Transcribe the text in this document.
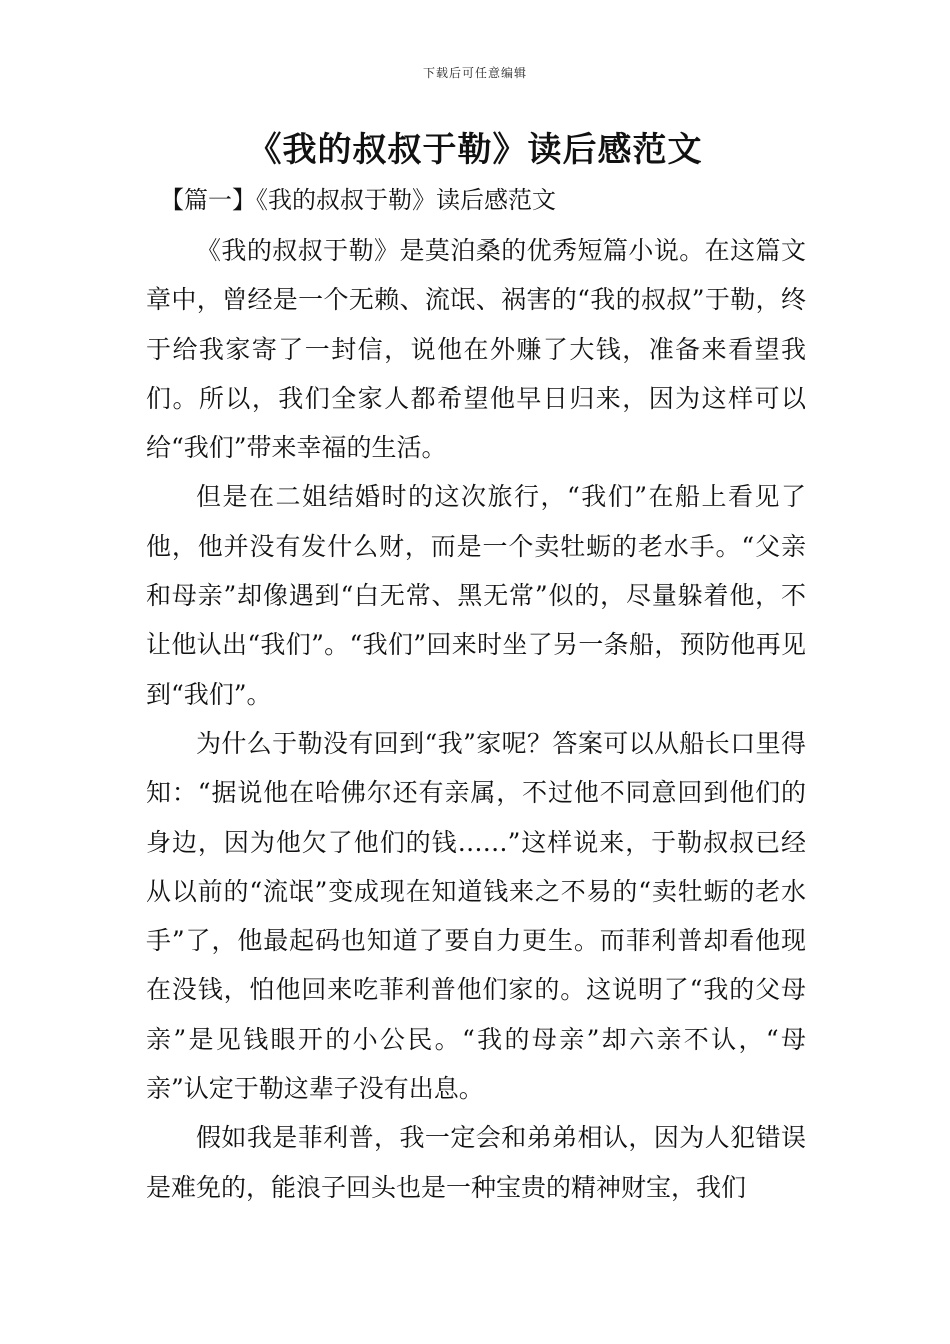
下载后可任意编辑
《我的叔叔于勒》读后感范文
【篇一】《我的叔叔于勒》读后感范文

《我的叔叔于勒》是莫泊桑的优秀短篇小说。在这篇文章中，曾经是一个无赖、流氓、祸害的“我的叔叔”于勒，终于给我家寄了一封信，说他在外赚了大钱，准备来看望我们。所以，我们全家人都希望他早日归来，因为这样可以给“我们”带来幸福的生活。

但是在二姐结婚时的这次旅行，“我们”在船上看见了他，他并没有发什么财，而是一个卖牡蛎的老水手。“父亲和母亲”却像遇到“白无常、黑无常”似的，尽量躲着他，不让他认出“我们”。“我们”回来时坐了另一条船，预防他再见到“我们”。

为什么于勒没有回到“我”家呢？答案可以从船长口里得知：“据说他在哈佛尔还有亲属，不过他不同意回到他们的身边，因为他欠了他们的钱……”这样说来，于勒叔叔已经从以前的“流氓”变成现在知道钱来之不易的“卖牡蛎的老水手”了，他最起码也知道了要自力更生。而菲利普却看他现在没钱，怕他回来吃菲利普他们家的。这说明了“我的父母亲”是见钱眼开的小公民。“我的母亲”却六亲不认，“母亲”认定于勒这辈子没有出息。

假如我是菲利普，我一定会和弟弟相认，因为人犯错误是难免的，能浪子回头也是一种宝贵的精神财宝，我们
